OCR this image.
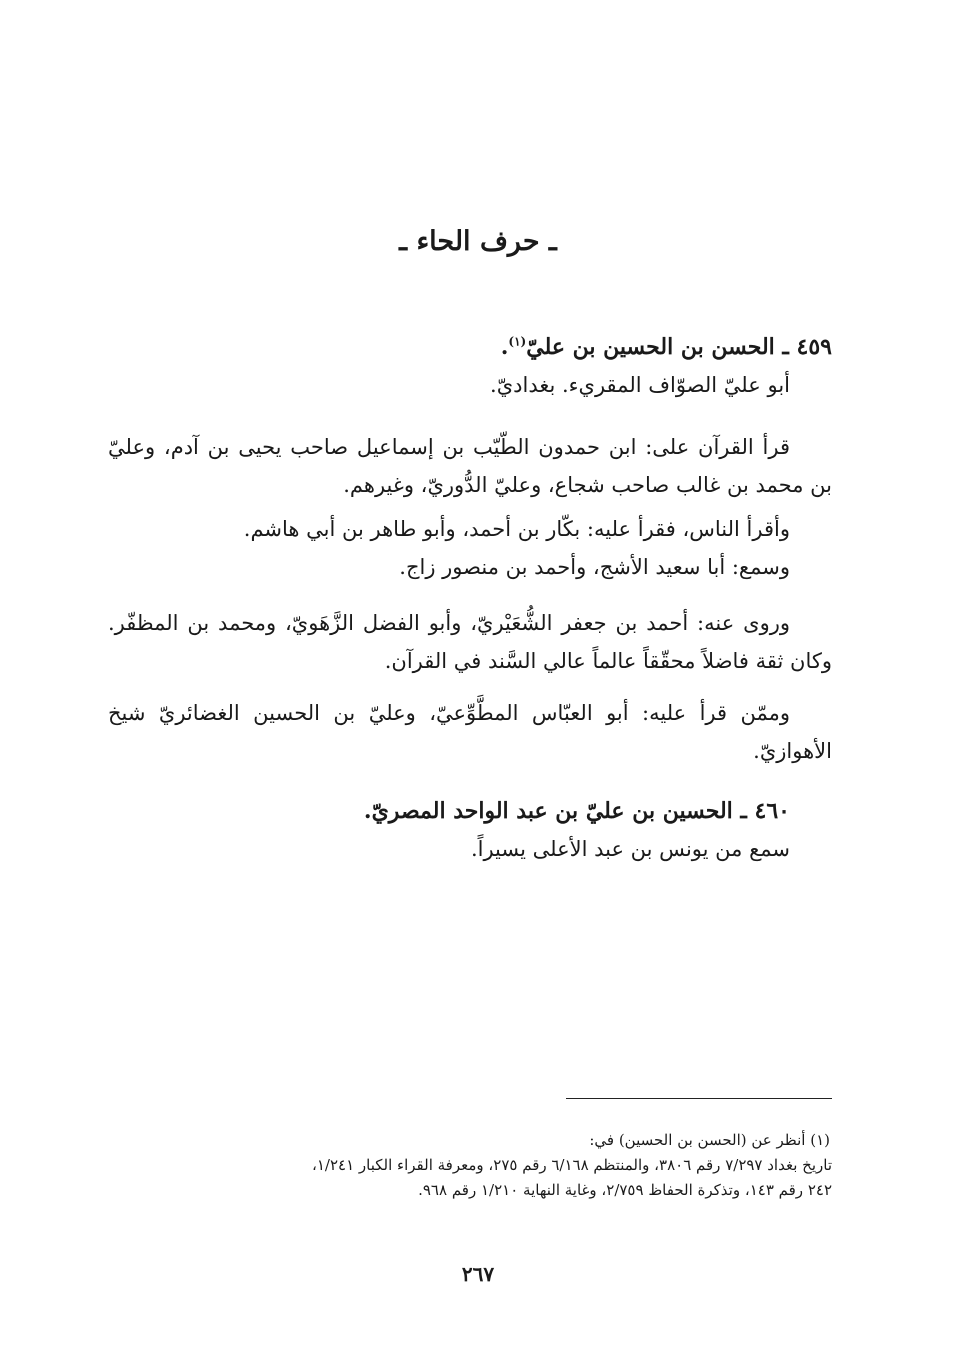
ـ حرف الحاء ـ
٤٥٩ ـ الحسن بن الحسين بن عليّ$^{(١)}$.
أبو عليّ الصوّاف المقريء. بغداديّ.
قرأ القرآن على: ابن حمدون الطّيّب بن إسماعيل صاحب يحيى بن آدم، وعليّ بن محمد بن غالب صاحب شجاع، وعليّ الدُّوريّ، وغيرهم.
وأقرأ الناس، فقرأ عليه: بكّار بن أحمد، وأبو طاهر بن أبي هاشم.
وسمع: أبا سعيد الأشج، وأحمد بن منصور زاج.
وروى عنه: أحمد بن جعفر الشُّعَيْريّ، وأبو الفضل الزَّهَويّ، ومحمد بن المظفّر. وكان ثقة فاضلاً محقّقاً عالماً عالي السَّند في القرآن.
وممّن قرأ عليه: أبو العبّاس المطَّوِّعيّ، وعليّ بن الحسين الغضائريّ شيخ الأهوازيّ.
٤٦٠ ـ الحسين بن عليّ بن عبد الواحد المصريّ.
سمع من يونس بن عبد الأعلى يسيراً.
(١) أنظر عن (الحسن بن الحسين) في:
تاريخ بغداد ٧/٢٩٧ رقم ٣٨٠٦، والمنتظم ٦/١٦٨ رقم ٢٧٥، ومعرفة القراء الكبار ١/٢٤١،
٢٤٢ رقم ١٤٣، وتذكرة الحفاظ ٢/٧٥٩، وغاية النهاية ١/٢١٠ رقم ٩٦٨.
٢٦٧
